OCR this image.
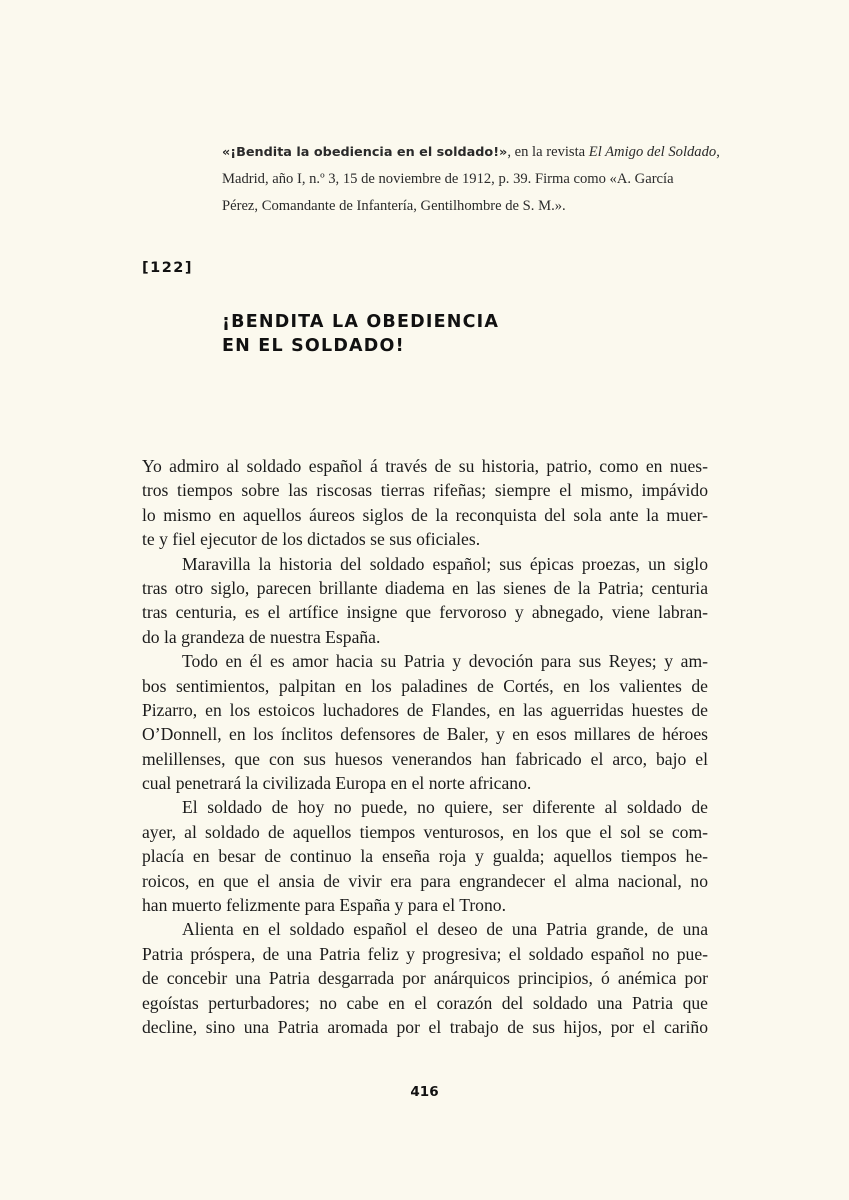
«¡Bendita la obediencia en el soldado!», en la revista El Amigo del Soldado,
Madrid, año I, n.º 3, 15 de noviembre de 1912, p. 39. Firma como «A. García
Pérez, Comandante de Infantería, Gentilhombre de S. M.».
[122]
¡BENDITA LA OBEDIENCIA
EN EL SOLDADO!
Yo admiro al soldado español á través de su historia, patrio, como en nues-
tros tiempos sobre las riscosas tierras rifeñas; siempre el mismo, impávido
lo mismo en aquellos áureos siglos de la reconquista del sola ante la muer-
te y fiel ejecutor de los dictados se sus oficiales.
Maravilla la historia del soldado español; sus épicas proezas, un siglo
tras otro siglo, parecen brillante diadema en las sienes de la Patria; centuria
tras centuria, es el artífice insigne que fervoroso y abnegado, viene labran-
do la grandeza de nuestra España.
Todo en él es amor hacia su Patria y devoción para sus Reyes; y am-
bos sentimientos, palpitan en los paladines de Cortés, en los valientes de
Pizarro, en los estoicos luchadores de Flandes, en las aguerridas huestes de
O’Donnell, en los ínclitos defensores de Baler, y en esos millares de héroes
melillenses, que con sus huesos venerandos han fabricado el arco, bajo el
cual penetrará la civilizada Europa en el norte africano.
El soldado de hoy no puede, no quiere, ser diferente al soldado de
ayer, al soldado de aquellos tiempos venturosos, en los que el sol se com-
placía en besar de continuo la enseña roja y gualda; aquellos tiempos he-
roicos, en que el ansia de vivir era para engrandecer el alma nacional, no
han muerto felizmente para España y para el Trono.
Alienta en el soldado español el deseo de una Patria grande, de una
Patria próspera, de una Patria feliz y progresiva; el soldado español no pue-
de concebir una Patria desgarrada por anárquicos principios, ó anémica por
egoístas perturbadores; no cabe en el corazón del soldado una Patria que
decline, sino una Patria aromada por el trabajo de sus hijos, por el cariño
416
